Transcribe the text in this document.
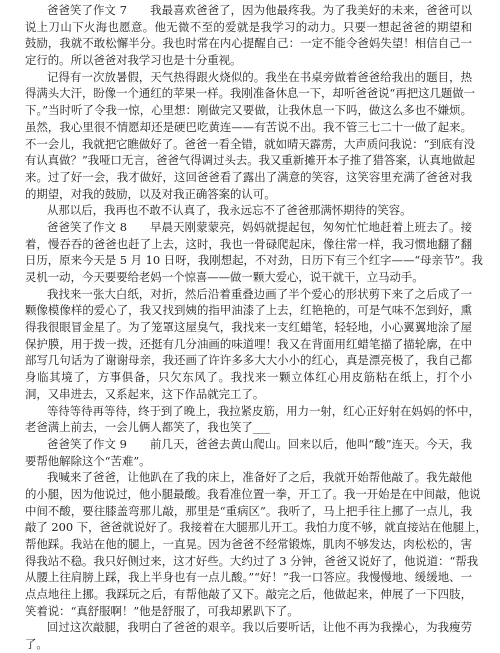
爸爸笑了作文 7　　我最喜欢爸爸了，因为他最疼我。为了我美好的未来，爸爸可以
说上刀山下火海也愿意。他无微不至的爱就是我学习的动力。只要一想起爸爸的期望和
鼓励，我就不敢松懈半分。我也时常在内心提醒自己：一定不能令爸妈失望！相信自己一
定行的。所以爸爸对我学习也是十分重视。
记得有一次放暑假，天气热得跟火烧似的。我坐在书桌旁做着爸爸给我出的题目，热
得满头大汗，盼像一个通红的苹果一样。我刚准备休息一下，却听爸爸说“再把这几题做一
下。”当时听了令我一惊，心里想：刚做完又要做，让我休息一下吗，做这么多也不嫌烦。
虽然，我心里很不情愿却还是硬巴吃黄连——有苦说不出。我不管三七二十一做了起来。
不一会儿，我就把它瞧做好了。爸爸一看全错，就如晴天霹雳，大声质问我说：“到底有没
有认真做？”我哑口无言，爸爸气得调过头去。我又重新摊开本子推了猎答案，认真地做起
来。过了好一会，我才做好，这回爸爸看了露出了满意的笑容，这笑容里充满了爸爸对我
的期望，对我的鼓励，以及对我正确答案的认可。
从那以后，我再也不敢不认真了，我永远忘不了爸爸那满怀期待的笑容。
爸爸笑了作文 8　　早晨天刚蒙蒙亮，妈妈就提起包，匆匆忙忙地赶着上班去了。接
着，慢吞吞的爸爸也赶了上去，这时，我也一骨碌爬起床，像往常一样，我习惯地翻了翻
日历，原来今天是 5 月 10 日呀，我刚想起，不对劲，日历下有三个红字——“母亲节”。我
灵机一动，今天要要给老妈一个惊喜——做一颗大爱心，说干就干，立马动手。
我找来一张大白纸，对折，然后沿着重叠边画了半个爱心的形状剪下来了之后成了一
颗像模像样的爱心了，我又找到姨的指甲油漆了上去，红艳艳的，可是气味不怎到好，熏
得我很眼冒金星了。为了笼罩这屋臭气，我找来一支红蜡笔，轻轻地，小心翼翼地涂了屋
保护膜，用于拨一拨，还挺有几分油画的味道哩！我又在背面用红蜡笔描了描轮廓，在中
部写几句话为了谢谢母亲，我还画了许许多多大大小小的红心，真是漂亮极了，我自己都
身临其境了，方事俱备，只欠东风了。我找来一颗立体红心用皮筋粘在纸上，打个小
洞，又串进去，又系起来，这下作品就完工了。
等待等待再等待，终于到了晚上，我拉紧皮筋，用力一射，红心正好射在妈妈的怀中，
老爸满上前去，一会儿俩人都笑了，我也笑了___
爸爸笑了作文 9　　前几天，爸爸去黄山爬山。回来以后，他叫“酸”连天。今天，我
要帮他解除这个“苦难”。
我喊来了爸爸，让他趴在了我的床上，准备好了之后，我就开始帮他敲了。我先敲他
的小腿，因为他说过，他小腿最酸。我看准位置一拳，开工了。我一开始是在中间敲，他说
中间不酸，要往膝盖弯那儿敲，那里是“重病区”。我听了，马上把手往上挪了一点儿，我
敲了 200 下，爸爸就说好了。我接着在大腿那儿开工。我怕力度不够，就直接站在他腿上，
帮他踩。我站在他的腿上，一直晃。因为爸爸不经常锻炼，肌肉不够发达，肉松松的，害
得我站不稳。我只好侧过来，这才好些。大约过了 3 分钟，爸爸又说好了，他说道：“帮我
从腰上往肩膀上踩，我上半身也有一点儿酸。”“好！”我一口答应。我慢慢地、缓缓地、一
点点地往上挪。我踩玩之后，有帮他敲了又下。敲完之后，他做起来，伸展了一下四肢，
笑着说：“真舒服啊！”他是舒服了，可我却累趴下了。
回过这次敲腿，我明白了爸爸的艰辛。我以后要听话，让他不再为我操心，为我瘦劳
了。
